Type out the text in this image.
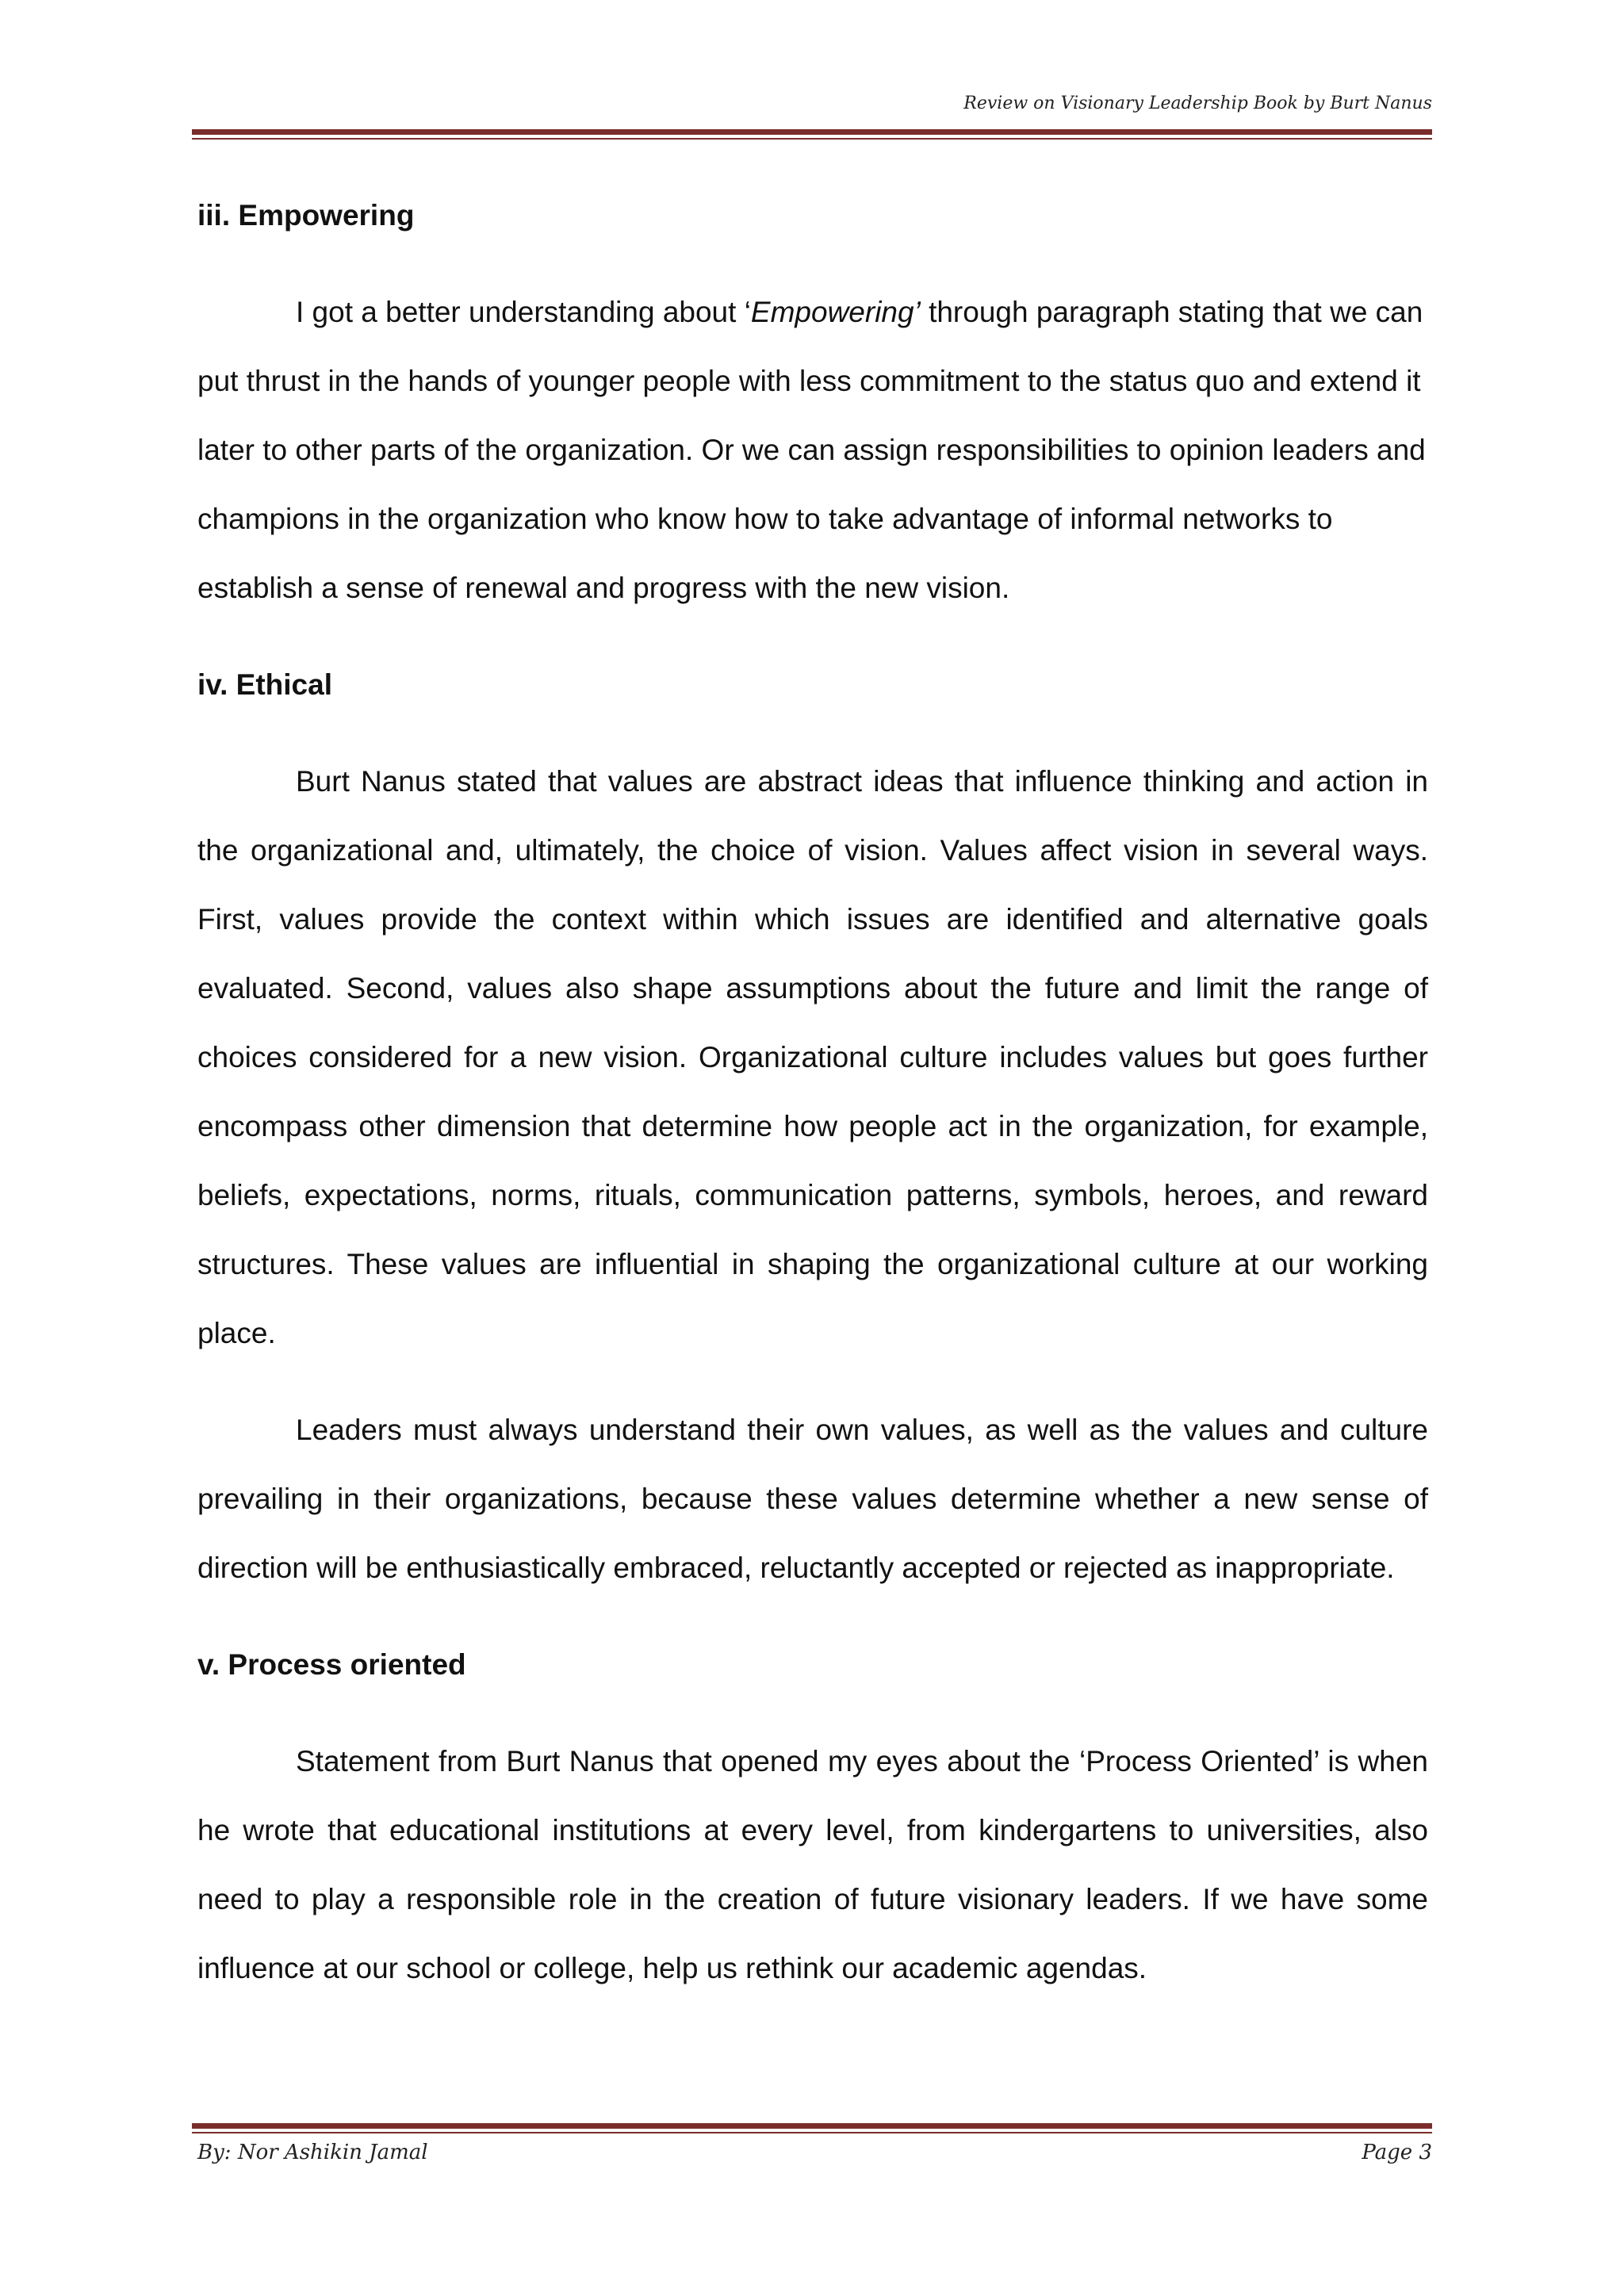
Review on Visionary Leadership Book by Burt Nanus
iii. Empowering

I got a better understanding about ‘Empowering’ through paragraph stating that we can put thrust in the hands of younger people with less commitment to the status quo and extend it later to other parts of the organization. Or we can assign responsibilities to opinion leaders and champions in the organization who know how to take advantage of informal networks to establish a sense of renewal and progress with the new vision.

iv. Ethical

Burt Nanus stated that values are abstract ideas that influence thinking and action in the organizational and, ultimately, the choice of vision. Values affect vision in several ways. First, values provide the context within which issues are identified and alternative goals evaluated. Second, values also shape assumptions about the future and limit the range of choices considered for a new vision. Organizational culture includes values but goes further encompass other dimension that determine how people act in the organization, for example, beliefs, expectations, norms, rituals, communication patterns, symbols, heroes, and reward structures. These values are influential in shaping the organizational culture at our working place.

Leaders must always understand their own values, as well as the values and culture prevailing in their organizations, because these values determine whether a new sense of direction will be enthusiastically embraced, reluctantly accepted or rejected as inappropriate.

v. Process oriented

Statement from Burt Nanus that opened my eyes about the ‘Process Oriented’ is when he wrote that educational institutions at every level, from kindergartens to universities, also need to play a responsible role in the creation of future visionary leaders. If we have some influence at our school or college, help us rethink our academic agendas.

By: Nor Ashikin Jamal	Page 3
